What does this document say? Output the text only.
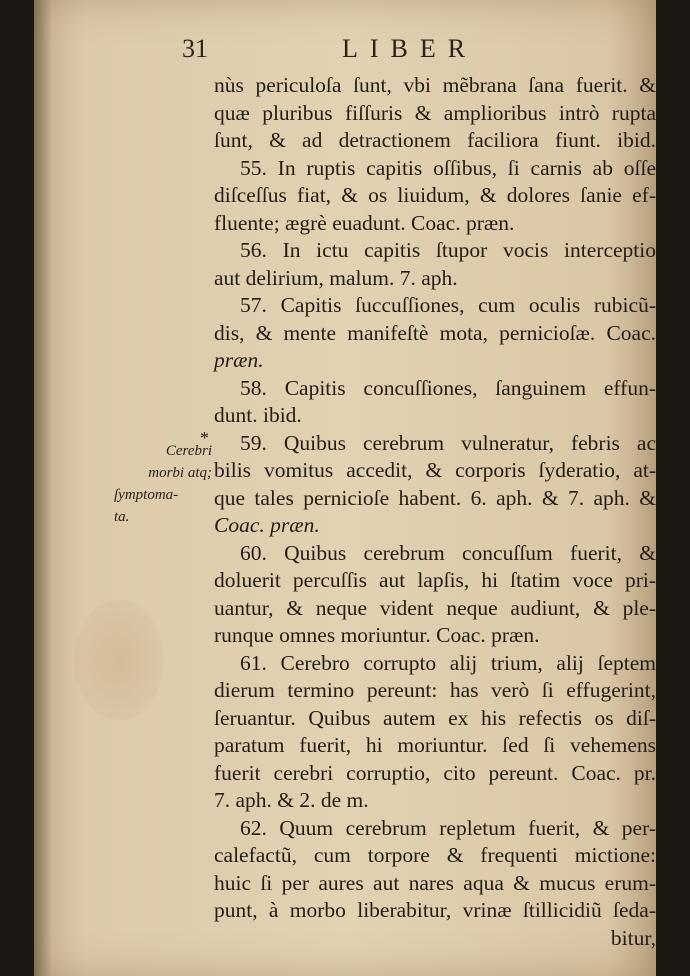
31	LIBER
*
Cerebri
morbi atq;
ſymptoma-
ta.
nùs periculoſa ſunt, vbi mẽbrana ſana fuerit. &
quæ pluribus fiſſuris & amplioribus intrò rupta
ſunt, & ad detractionem faciliora fiunt. ibid.
55. In ruptis capitis oſſibus, ſi carnis ab oſſe
diſceſſus fiat, & os liuidum, & dolores ſanie ef-
fluente; ægrè euadunt. Coac. præn.
56. In ictu capitis ſtupor vocis interceptio
aut delirium, malum. 7. aph.
57. Capitis ſuccuſſiones, cum oculis rubicũ-
dis, & mente manifeſtè mota, pernicioſæ. Coac.
præn.
58. Capitis concuſſiones, ſanguinem effun-
dunt. ibid.
59. Quibus cerebrum vulneratur, febris ac
bilis vomitus accedit, & corporis ſyderatio, at-
que tales pernicioſe habent. 6. aph. & 7. aph. &
Coac. præn.
60. Quibus cerebrum concuſſum fuerit, &
doluerit percuſſis aut lapſis, hi ſtatim voce pri-
uantur, & neque vident neque audiunt, & ple-
runque omnes moriuntur. Coac. præn.
61. Cerebro corrupto alij trium, alij ſeptem
dierum termino pereunt: has verò ſi effugerint,
ſeruantur. Quibus autem ex his refectis os diſ-
paratum fuerit, hi moriuntur. ſed ſi vehemens
fuerit cerebri corruptio, cito pereunt. Coac. pr.
7. aph. & 2. de m.
62. Quum cerebrum repletum fuerit, & per-
calefactũ, cum torpore & frequenti mictione:
huic ſi per aures aut nares aqua & mucus erum-
punt, à morbo liberabitur, vrinæ ſtillicidiũ ſeda-
bitur,
